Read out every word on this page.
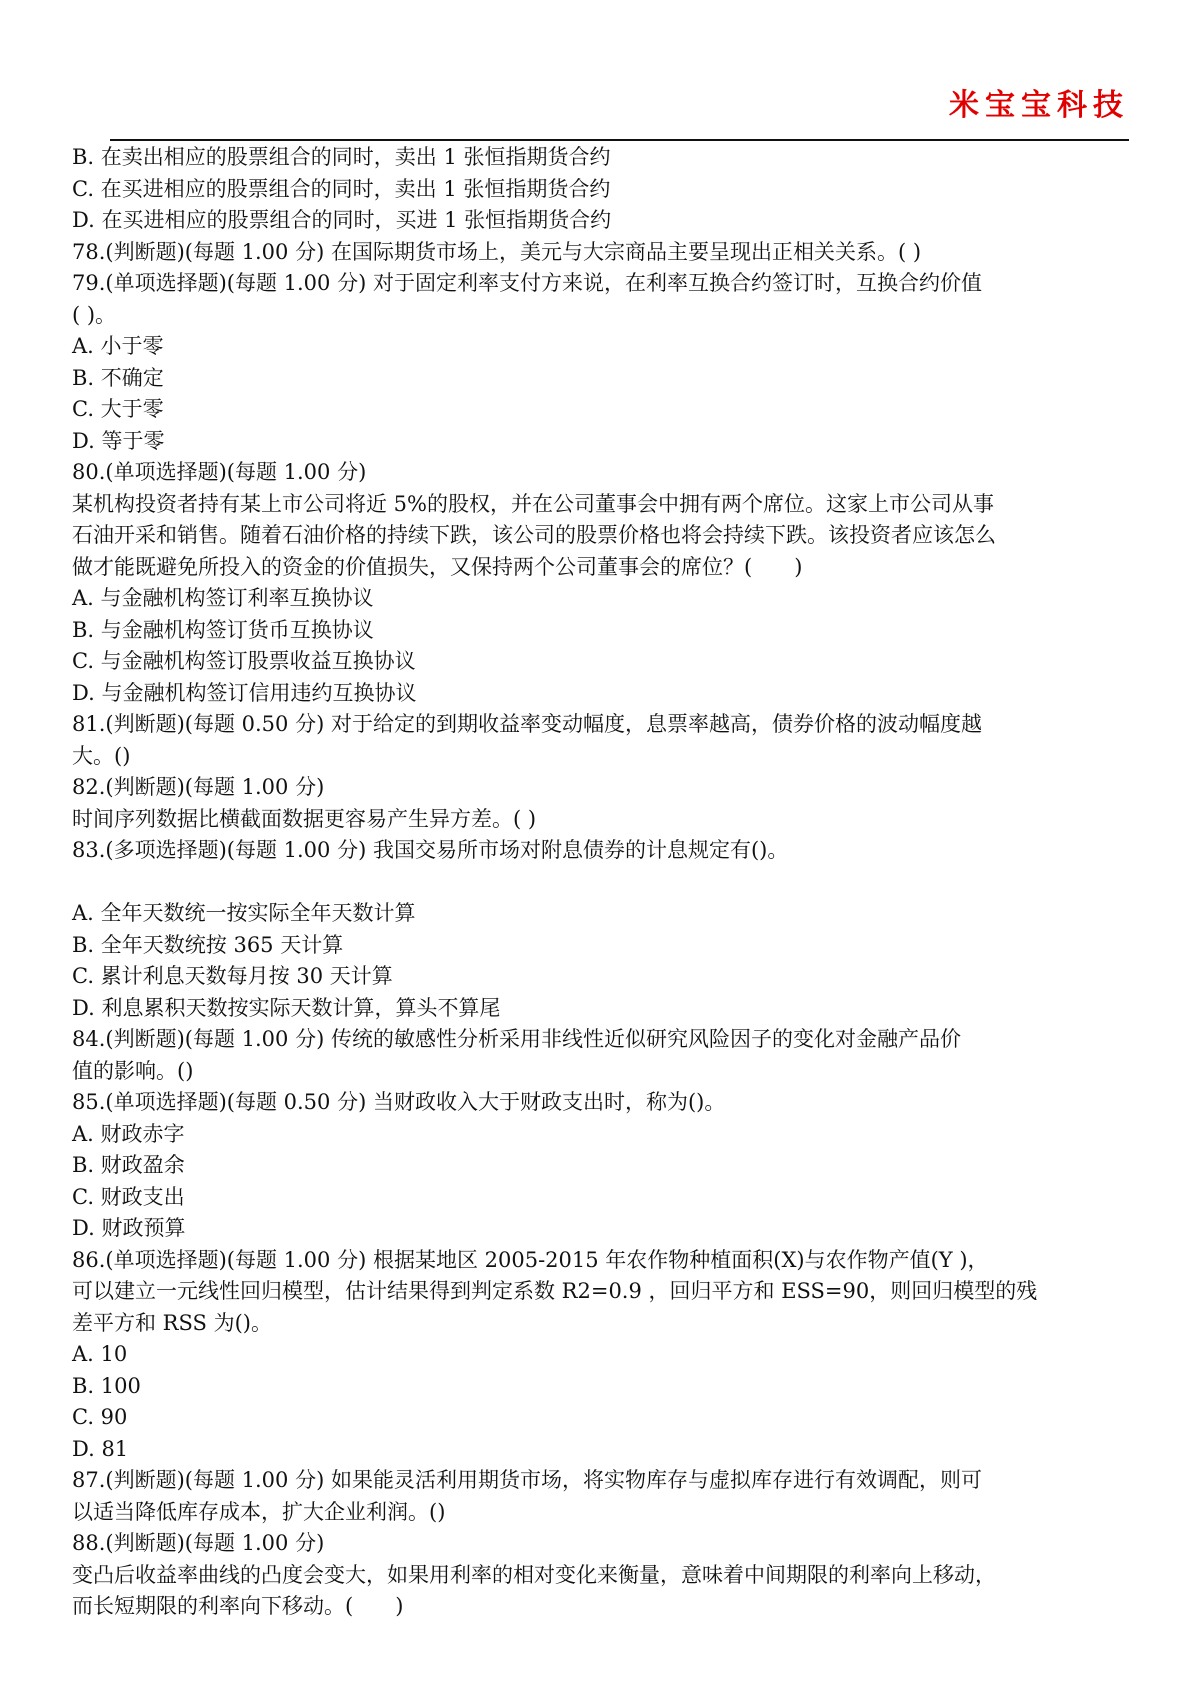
米宝宝科技
B. 在卖出相应的股票组合的同时，卖出 1 张恒指期货合约
C. 在买进相应的股票组合的同时，卖出 1 张恒指期货合约
D. 在买进相应的股票组合的同时，买进 1 张恒指期货合约
78.(判断题)(每题 1.00 分) 在国际期货市场上，美元与大宗商品主要呈现出正相关关系。( )
79.(单项选择题)(每题 1.00 分) 对于固定利率支付方来说，在利率互换合约签订时，互换合约价值
( )。
A. 小于零
B. 不确定
C. 大于零
D. 等于零
80.(单项选择题)(每题 1.00 分)
某机构投资者持有某上市公司将近 5%的股权，并在公司董事会中拥有两个席位。这家上市公司从事
石油开采和销售。随着石油价格的持续下跌，该公司的股票价格也将会持续下跌。该投资者应该怎么
做才能既避免所投入的资金的价值损失，又保持两个公司董事会的席位？(　　)
A. 与金融机构签订利率互换协议
B. 与金融机构签订货币互换协议
C. 与金融机构签订股票收益互换协议
D. 与金融机构签订信用违约互换协议
81.(判断题)(每题 0.50 分) 对于给定的到期收益率变动幅度，息票率越高，债券价格的波动幅度越
大。()
82.(判断题)(每题 1.00 分)
时间序列数据比横截面数据更容易产生异方差。( )
83.(多项选择题)(每题 1.00 分) 我国交易所市场对附息债券的计息规定有()。
A. 全年天数统一按实际全年天数计算
B. 全年天数统按 365 天计算
C. 累计利息天数每月按 30 天计算
D. 利息累积天数按实际天数计算，算头不算尾
84.(判断题)(每题 1.00 分) 传统的敏感性分析采用非线性近似研究风险因子的变化对金融产品价
值的影响。()
85.(单项选择题)(每题 0.50 分) 当财政收入大于财政支出时，称为()。
A. 财政赤字
B. 财政盈余
C. 财政支出
D. 财政预算
86.(单项选择题)(每题 1.00 分) 根据某地区 2005-2015 年农作物种植面积(X)与农作物产值(Y )，
可以建立一元线性回归模型，估计结果得到判定系数 R2=0.9 ，回归平方和 ESS=90，则回归模型的残
差平方和 RSS 为()。
A. 10
B. 100
C. 90
D. 81
87.(判断题)(每题 1.00 分) 如果能灵活利用期货市场，将实物库存与虚拟库存进行有效调配，则可
以适当降低库存成本，扩大企业利润。()
88.(判断题)(每题 1.00 分)
变凸后收益率曲线的凸度会变大，如果用利率的相对变化来衡量，意味着中间期限的利率向上移动，
而长短期限的利率向下移动。(　　)
